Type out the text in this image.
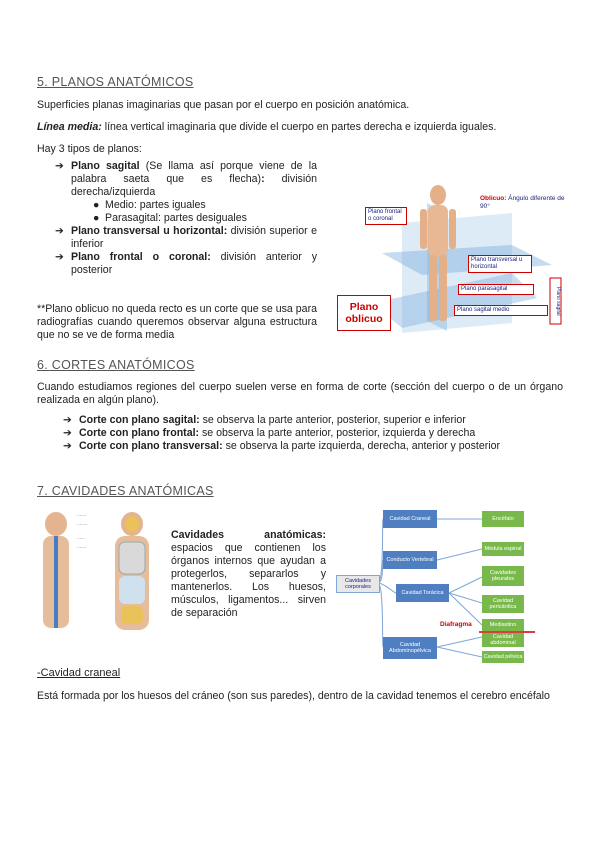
5. PLANOS ANATÓMICOS
Superficies planas imaginarias que pasan por el cuerpo en posición anatómica.
Línea media: línea vertical imaginaria que divide el cuerpo en partes derecha e izquierda iguales.
Hay 3 tipos de planos:
➔ Plano sagital (Se llama así porque viene de la palabra saeta que es flecha): división derecha/izquierda
● Medio: partes iguales
● Parasagital: partes desiguales
➔ Plano transversal u horizontal: división superior e inferior
➔ Plano frontal o coronal: división anterior y posterior
**Plano oblicuo no queda recto es un corte que se usa para radiografías cuando queremos observar alguna estructura que no se ve de forma media
Oblicuo: Ángulo diferente de 90°
Plano frontal o coronal
Plano transversal u horizontal
Plano parasagital
Plano sagital medio
Plano oblicuo
Plano sagital
6. CORTES ANATÓMICOS
Cuando estudiamos regiones del cuerpo suelen verse en forma de corte (sección del cuerpo o de un órgano realizada en algún plano).
➔ Corte con plano sagital: se observa la parte anterior, posterior, superior e inferior
➔ Corte con plano frontal: se observa la parte anterior, posterior, izquierda y derecha
➔ Corte con plano transversal: se observa la parte izquierda, derecha, anterior y posterior
7. CAVIDADES ANATÓMICAS
·······

········

······

·······
Cavidades anatómicas: espacios que contienen los órganos internos que ayudan a protegerlos, separarlos y mantenerlos. Los huesos, músculos, ligamentos... sirven de separación
Cavidades corporales
Cavidad Craneal
Conducto Vertebral
Cavidad Torácica
Cavidad Abdominopélvica
Encéfalo
Médula espinal
Cavidades pleurales
Cavidad pericárdica
Mediastino
Cavidad abdominal
Cavidad pélvica
Diafragma
-Cavidad craneal
Está formada por los huesos del cráneo (son sus paredes), dentro de la cavidad tenemos el cerebro encéfalo
